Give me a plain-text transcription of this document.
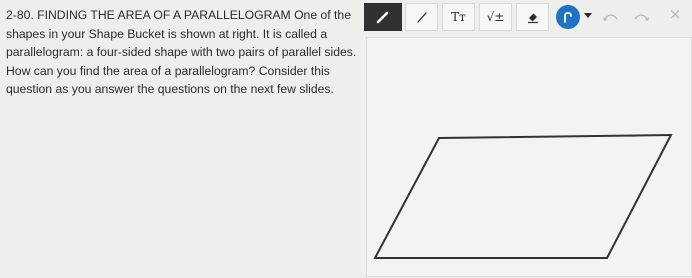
2-80. FINDING THE AREA OF A PARALLELOGRAM One of the
shapes in your Shape Bucket is shown at right. It is called a
parallelogram: a four-sided shape with two pairs of parallel sides.
How can you find the area of a parallelogram? Consider this
question as you answer the questions on the next few slides.
Tт √±	×
